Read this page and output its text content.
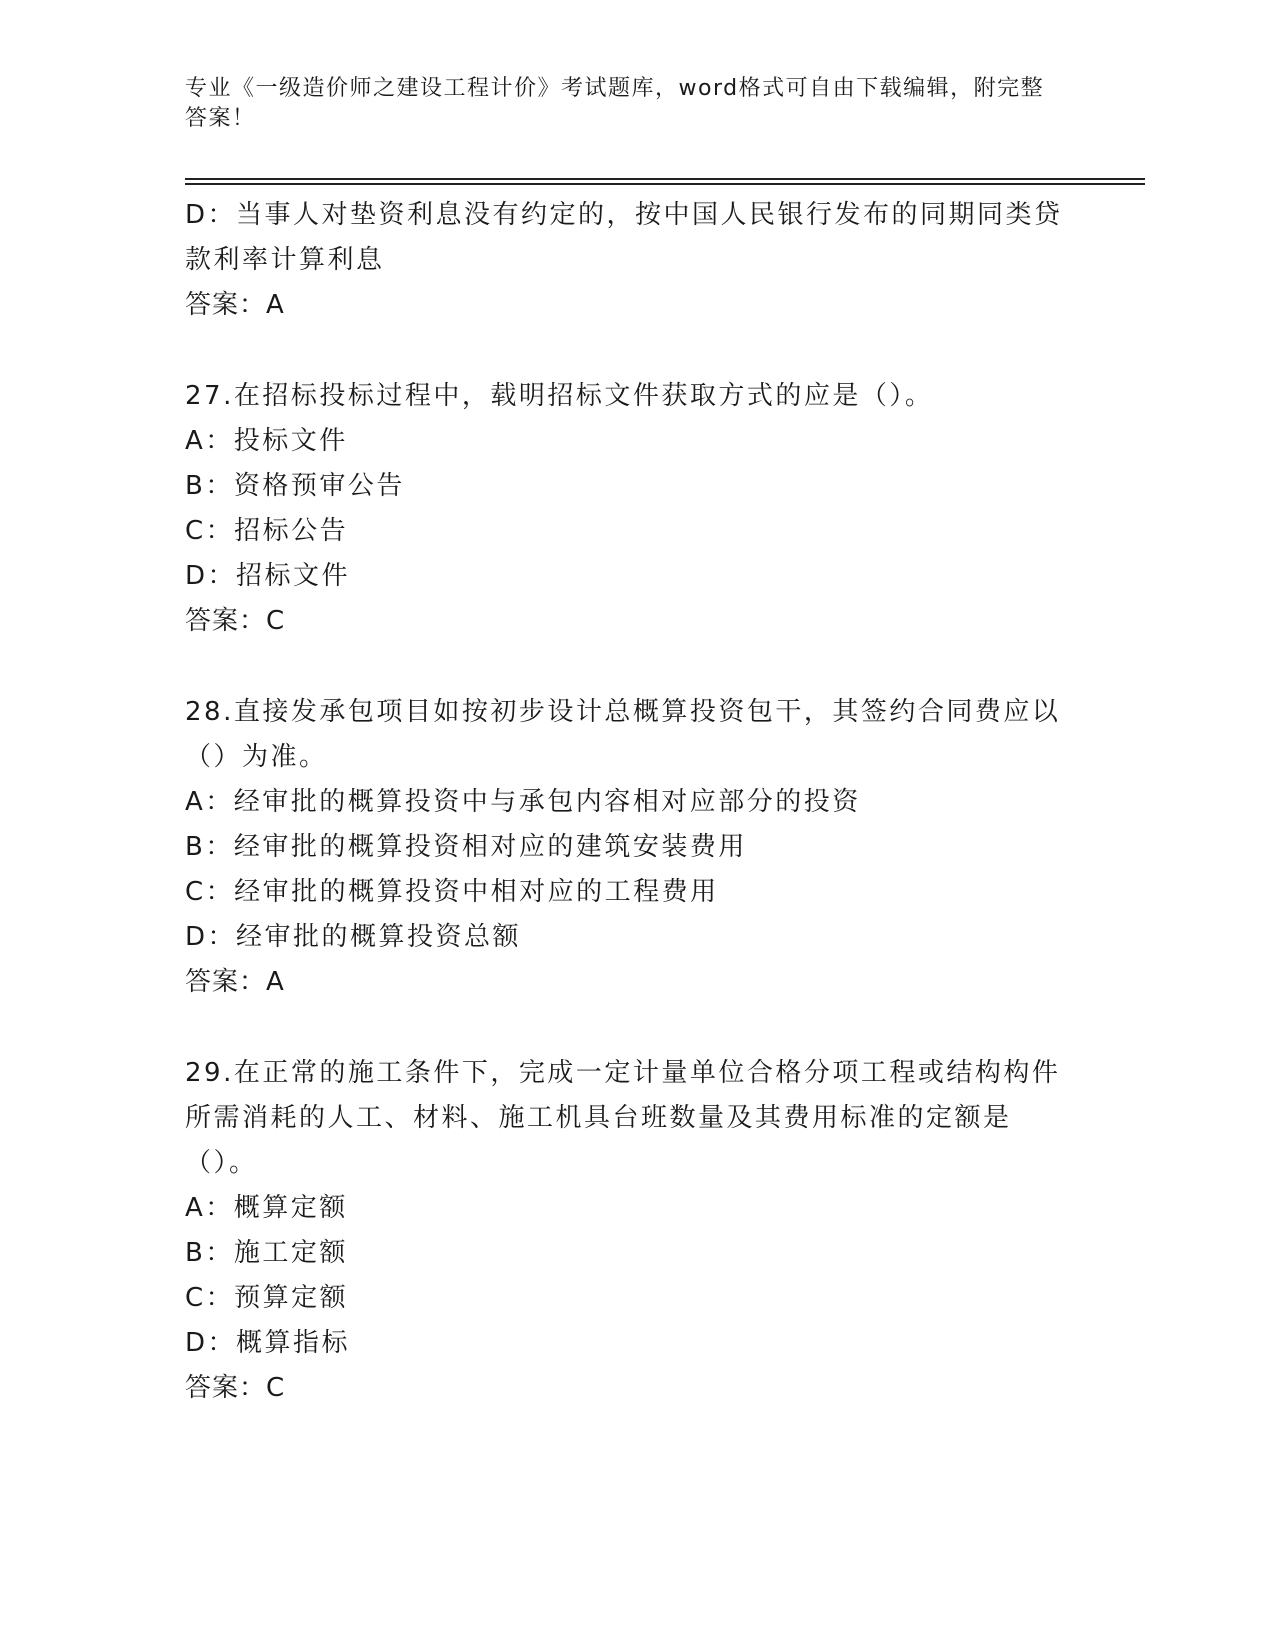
专业《一级造价师之建设工程计价》考试题库，word格式可自由下载编辑，附完整答案！

D：当事人对垫资利息没有约定的，按中国人民银行发布的同期同类贷款利率计算利息

答案：A

27.在招标投标过程中，载明招标文件获取方式的应是（）。

A：投标文件

B：资格预审公告

C：招标公告

D：招标文件

答案：C

28.直接发承包项目如按初步设计总概算投资包干，其签约合同费应以（）为准。

A：经审批的概算投资中与承包内容相对应部分的投资

B：经审批的概算投资相对应的建筑安装费用

C：经审批的概算投资中相对应的工程费用

D：经审批的概算投资总额

答案：A

29.在正常的施工条件下，完成一定计量单位合格分项工程或结构构件所需消耗的人工、材料、施工机具台班数量及其费用标准的定额是（）。

A：概算定额

B：施工定额

C：预算定额

D：概算指标

答案：C
